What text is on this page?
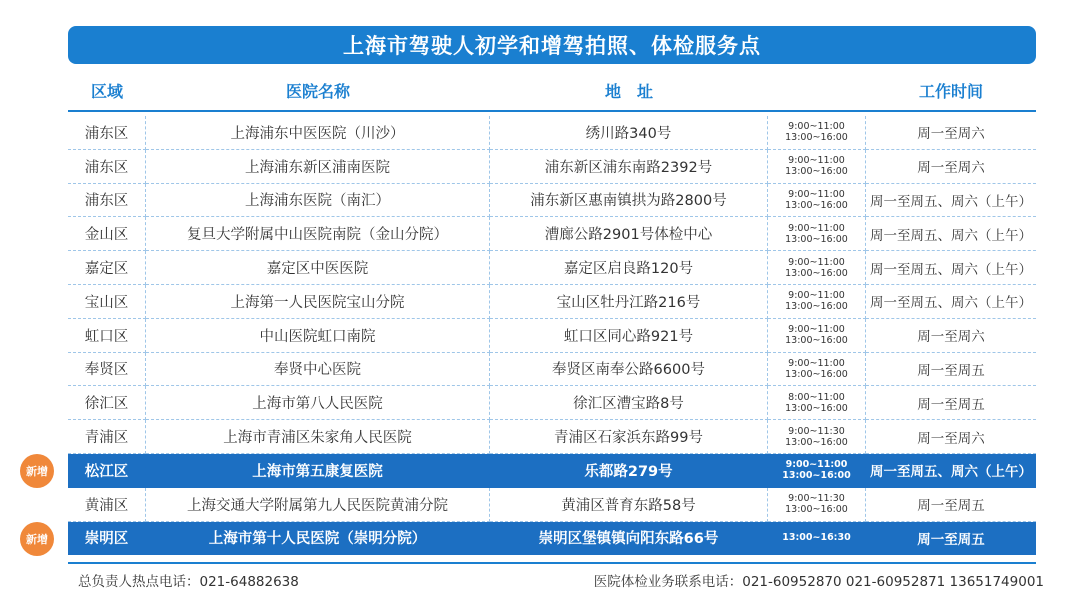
上海市驾驶人初学和增驾拍照、体检服务点
区域	医院名称	地　址	工作时间
浦东区	上海浦东中医医院（川沙）	绣川路340号	9:00~11:00
13:00~16:00	周一至周六
浦东区	上海浦东新区浦南医院	浦东新区浦东南路2392号	9:00~11:00
13:00~16:00	周一至周六
浦东区	上海浦东医院（南汇）	浦东新区惠南镇拱为路2800号	9:00~11:00
13:00~16:00 周一至周五、周六（上午）
金山区	复旦大学附属中山医院南院（金山分院）	漕廊公路2901号体检中心	9:00~11:00
13:00~16:00 周一至周五、周六（上午）
嘉定区	嘉定区中医医院	嘉定区启良路120号	9:00~11:00
13:00~16:00 周一至周五、周六（上午）
宝山区	上海第一人民医院宝山分院	宝山区牡丹江路216号	9:00~11:00
13:00~16:00 周一至周五、周六（上午）
虹口区	中山医院虹口南院	虹口区同心路921号	9:00~11:00
13:00~16:00	周一至周六
奉贤区	奉贤中心医院	奉贤区南奉公路6600号	9:00~11:00
13:00~16:00	周一至周五
徐汇区	上海市第八人民医院	徐汇区漕宝路8号	8:00~11:00
13:00~16:00	周一至周五
青浦区	上海市青浦区朱家角人民医院	青浦区石家浜东路99号	9:00~11:30
13:00~16:00	周一至周六
松江区	上海市第五康复医院	乐都路279号	9:00~11:00
13:00~16:00 周一至周五、周六（上午）
黄浦区	上海交通大学附属第九人民医院黄浦分院	黄浦区普育东路58号	9:00~11:30
13:00~16:00	周一至周五
崇明区	上海市第十人民医院（崇明分院）	崇明区堡镇镇向阳东路66号	13:00~16:30	周一至周五
新增
新增
总负责人热点电话：021-64882638	医院体检业务联系电话：021-60952870 021-60952871 13651749001
